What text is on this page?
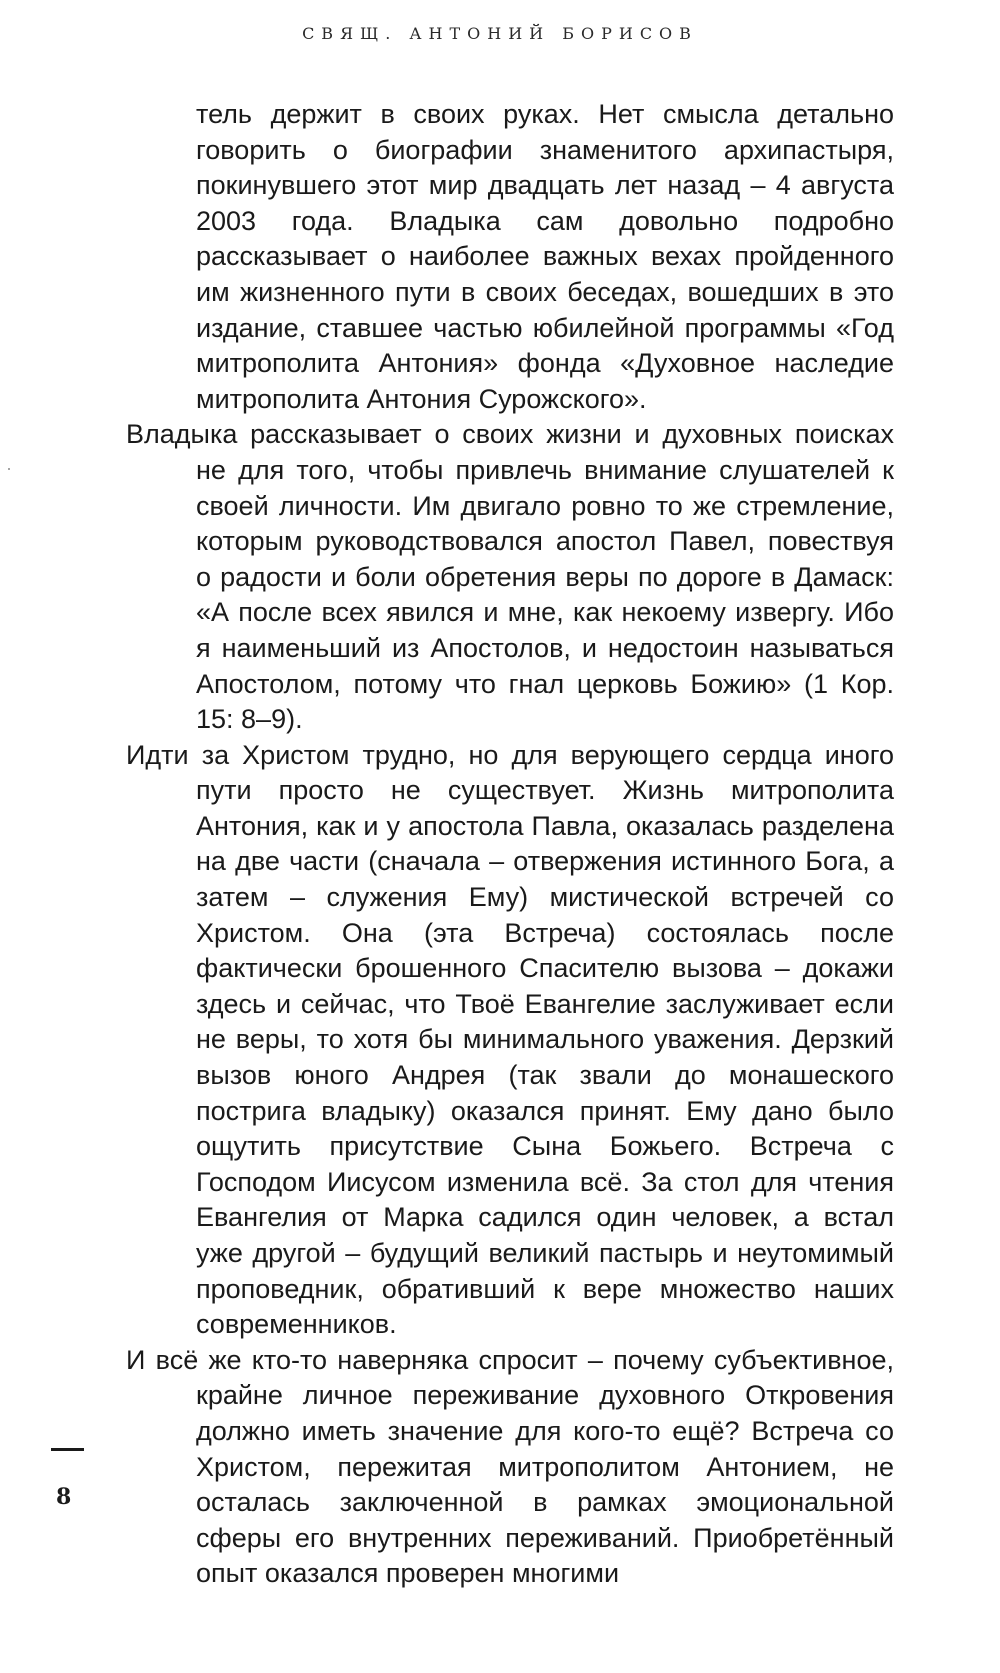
СВЯЩ. АНТОНИЙ БОРИСОВ

тель держит в своих руках. Нет смысла детально говорить о биографии знаменитого архипастыря, покинувшего этот мир двадцать лет назад – 4 августа 2003 года. Владыка сам довольно подробно рассказывает о наиболее важных вехах пройденного им жизненного пути в своих беседах, вошедших в это издание, ставшее частью юбилейной программы «Год митрополита Антония» фонда «Духовное наследие митрополита Антония Сурожского».

Владыка рассказывает о своих жизни и духовных поисках не для того, чтобы привлечь внимание слушателей к своей личности. Им двигало ровно то же стремление, которым руководствовался апостол Павел, повествуя о радости и боли обретения веры по дороге в Дамаск: «А после всех явился и мне, как некоему извергу. Ибо я наименьший из Апостолов, и недостоин называться Апостолом, потому что гнал церковь Божию» (1 Кор. 15: 8–9).

Идти за Христом трудно, но для верующего сердца иного пути просто не существует. Жизнь митрополита Антония, как и у апостола Павла, оказалась разделена на две части (сначала – отвержения истинного Бога, а затем – служения Ему) мистической встречей со Христом. Она (эта Встреча) состоялась после фактически брошенного Спасителю вызова – докажи здесь и сейчас, что Твоё Евангелие заслуживает если не веры, то хотя бы минимального уважения. Дерзкий вызов юного Андрея (так звали до монашеского пострига владыку) оказался принят. Ему дано было ощутить присутствие Сына Божьего. Встреча с Господом Иисусом изменила всё. За стол для чтения Евангелия от Марка садился один человек, а встал уже другой – будущий великий пастырь и неутомимый проповедник, обративший к вере множество наших современников.

И всё же кто-то наверняка спросит – почему субъективное, крайне личное переживание духовного Откровения должно иметь значение для кого-то ещё? Встреча со Христом, пережитая митрополитом Антонием, не осталась заключенной в рамках эмоциональной сферы его внутренних переживаний. Приобретённый опыт оказался проверен многими

8
